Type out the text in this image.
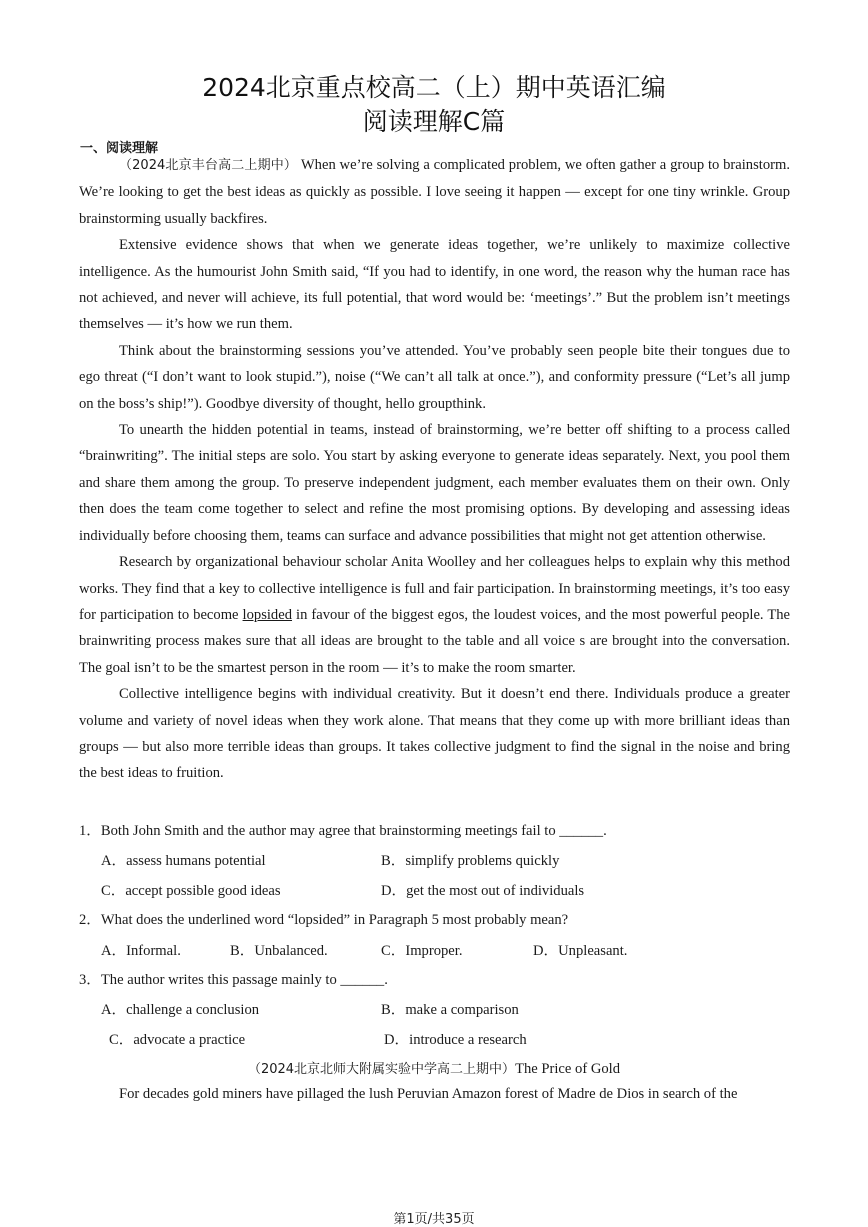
2024北京重点校高二（上）期中英语汇编
阅读理解C篇
一、阅读理解

（2024北京丰台高二上期中） When we’re solving a complicated problem, we often gather a group to brainstorm. We’re looking to get the best ideas as quickly as possible. I love seeing it happen — except for one tiny wrinkle. Group brainstorming usually backfires.

Extensive evidence shows that when we generate ideas together, we’re unlikely to maximize collective intelligence. As the humourist John Smith said, “If you had to identify, in one word, the reason why the human race has not achieved, and never will achieve, its full potential, that word would be: ‘meetings’.” But the problem isn’t meetings themselves — it’s how we run them.

Think about the brainstorming sessions you’ve attended. You’ve probably seen people bite their tongues due to ego threat (“I don’t want to look stupid.”), noise (“We can’t all talk at once.”), and conformity pressure (“Let’s all jump on the boss’s ship!”). Goodbye diversity of thought, hello groupthink.

To unearth the hidden potential in teams, instead of brainstorming, we’re better off shifting to a process called “brainwriting”. The initial steps are solo. You start by asking everyone to generate ideas separately. Next, you pool them and share them among the group. To preserve independent judgment, each member evaluates them on their own. Only then does the team come together to select and refine the most promising options. By developing and assessing ideas individually before choosing them, teams can surface and advance possibilities that might not get attention otherwise.

Research by organizational behaviour scholar Anita Woolley and her colleagues helps to explain why this method works. They find that a key to collective intelligence is full and fair participation. In brainstorming meetings, it’s too easy for participation to become lopsided in favour of the biggest egos, the loudest voices, and the most powerful people. The brainwriting process makes sure that all ideas are brought to the table and all voice s are brought into the conversation. The goal isn’t to be the smartest person in the room — it’s to make the room smarter.

Collective intelligence begins with individual creativity. But it doesn’t end there. Individuals produce a greater volume and variety of novel ideas when they work alone. That means that they come up with more brilliant ideas than groups — but also more terrible ideas than groups. It takes collective judgment to find the signal in the noise and bring the best ideas to fruition.

1．Both John Smith and the author may agree that brainstorming meetings fail to ______.
A．assess humans potential	B．simplify problems quickly
C．accept possible good ideas	D．get the most out of individuals
2．What does the underlined word “lopsided” in Paragraph 5 most probably mean?
A．Informal.	B．Unbalanced.	C．Improper.	D．Unpleasant.
3．The author writes this passage mainly to ______.
A．challenge a conclusion	B．make a comparison
C．advocate a practice	D．introduce a research
（2024北京北师大附属实验中学高二上期中）The Price of Gold
For decades gold miners have pillaged the lush Peruvian Amazon forest of Madre de Dios in search of the
第1页/共35页
